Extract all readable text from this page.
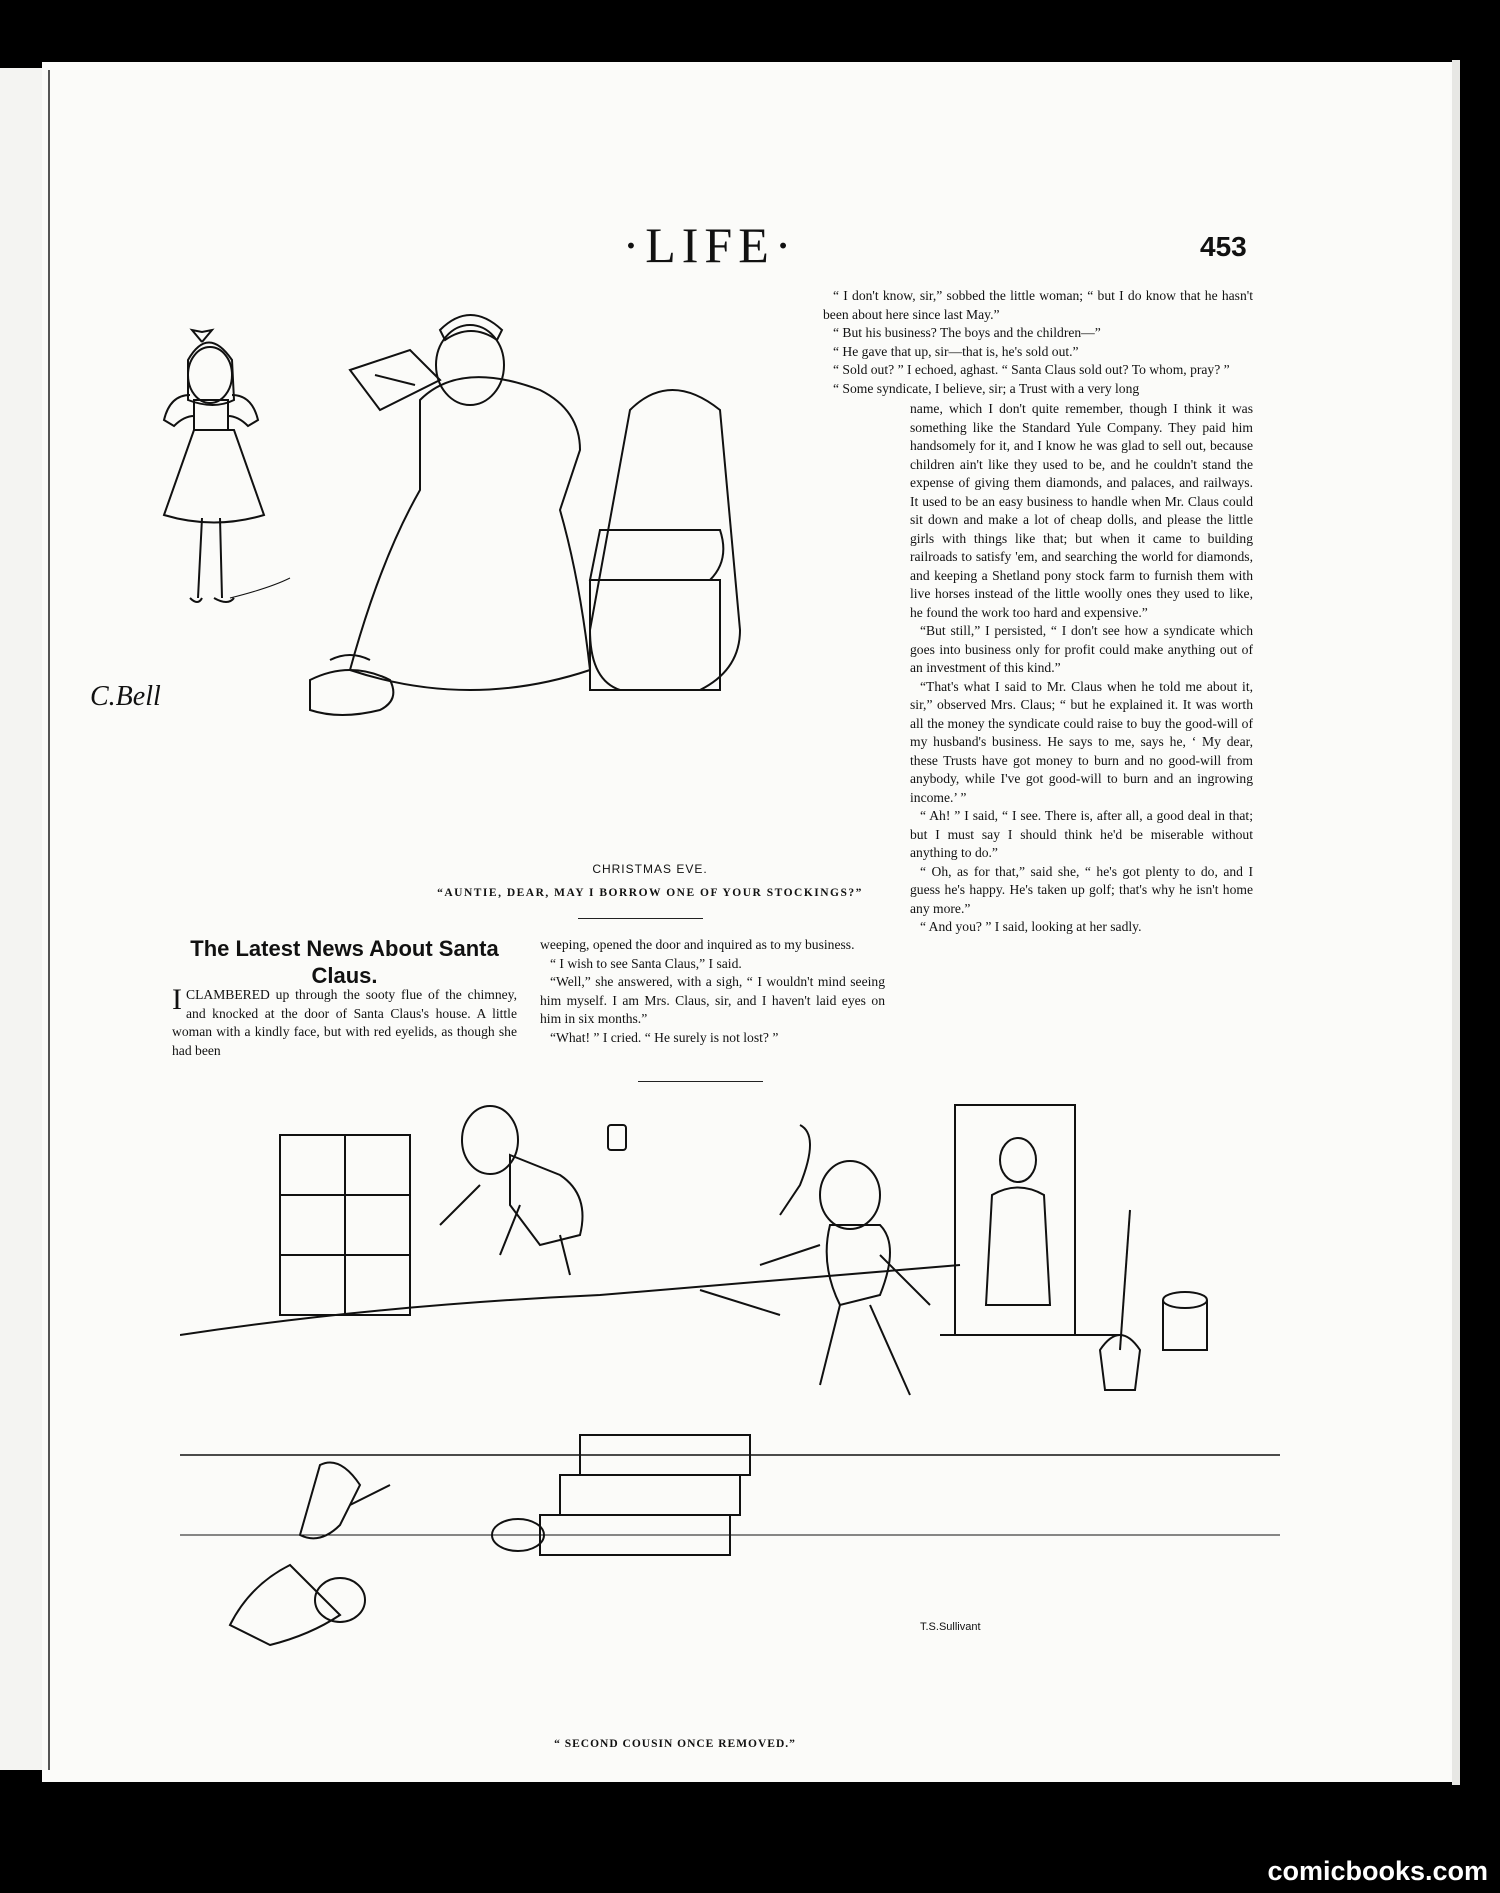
·LIFE·	453
C.Bell
CHRISTMAS EVE.
“AUNTIE, DEAR, MAY I BORROW ONE OF YOUR STOCKINGS?”
The Latest News About Santa Claus.
ICLAMBERED up through the sooty flue of the chimney, and knocked at the door of Santa Claus's house. A little woman with a kindly face, but with red eyelids, as though she had been

weeping, opened the door and inquired as to my business.

“ I wish to see Santa Claus,” I said.

“Well,” she answered, with a sigh, “ I wouldn't mind seeing him myself. I am Mrs. Claus, sir, and I haven't laid eyes on him in six months.”

“What! ” I cried. “ He surely is not lost? ”

“ I don't know, sir,” sobbed the little woman; “ but I do know that he hasn't been about here since last May.”

“ But his business? The boys and the children—”

“ He gave that up, sir—that is, he's sold out.”

“ Sold out? ” I echoed, aghast. “ Santa Claus sold out? To whom, pray? ”

“ Some syndicate, I believe, sir; a Trust with a very long

name, which I don't quite remember, though I think it was something like the Standard Yule Company. They paid him handsomely for it, and I know he was glad to sell out, because children ain't like they used to be, and he couldn't stand the expense of giving them diamonds, and palaces, and railways. It used to be an easy business to handle when Mr. Claus could sit down and make a lot of cheap dolls, and please the little girls with things like that; but when it came to building railroads to satisfy 'em, and searching the world for diamonds, and keeping a Shetland pony stock farm to furnish them with live horses instead of the little woolly ones they used to like, he found the work too hard and expensive.”

“But still,” I persisted, “ I don't see how a syndicate which goes into business only for profit could make anything out of an investment of this kind.”

“That's what I said to Mr. Claus when he told me about it, sir,” observed Mrs. Claus; “ but he explained it. It was worth all the money the syndicate could raise to buy the good-will of my husband's business. He says to me, says he, ‘ My dear, these Trusts have got money to burn and no good-will from anybody, while I've got good-will to burn and an ingrowing income.’ ”

“ Ah! ” I said, “ I see. There is, after all, a good deal in that; but I must say I should think he'd be miserable without anything to do.”

“ Oh, as for that,” said she, “ he's got plenty to do, and I guess he's happy. He's taken up golf; that's why he isn't home any more.”

“ And you? ” I said, looking at her sadly.

T.S.Sullivant
“ SECOND COUSIN ONCE REMOVED.”
comicbooks.com
